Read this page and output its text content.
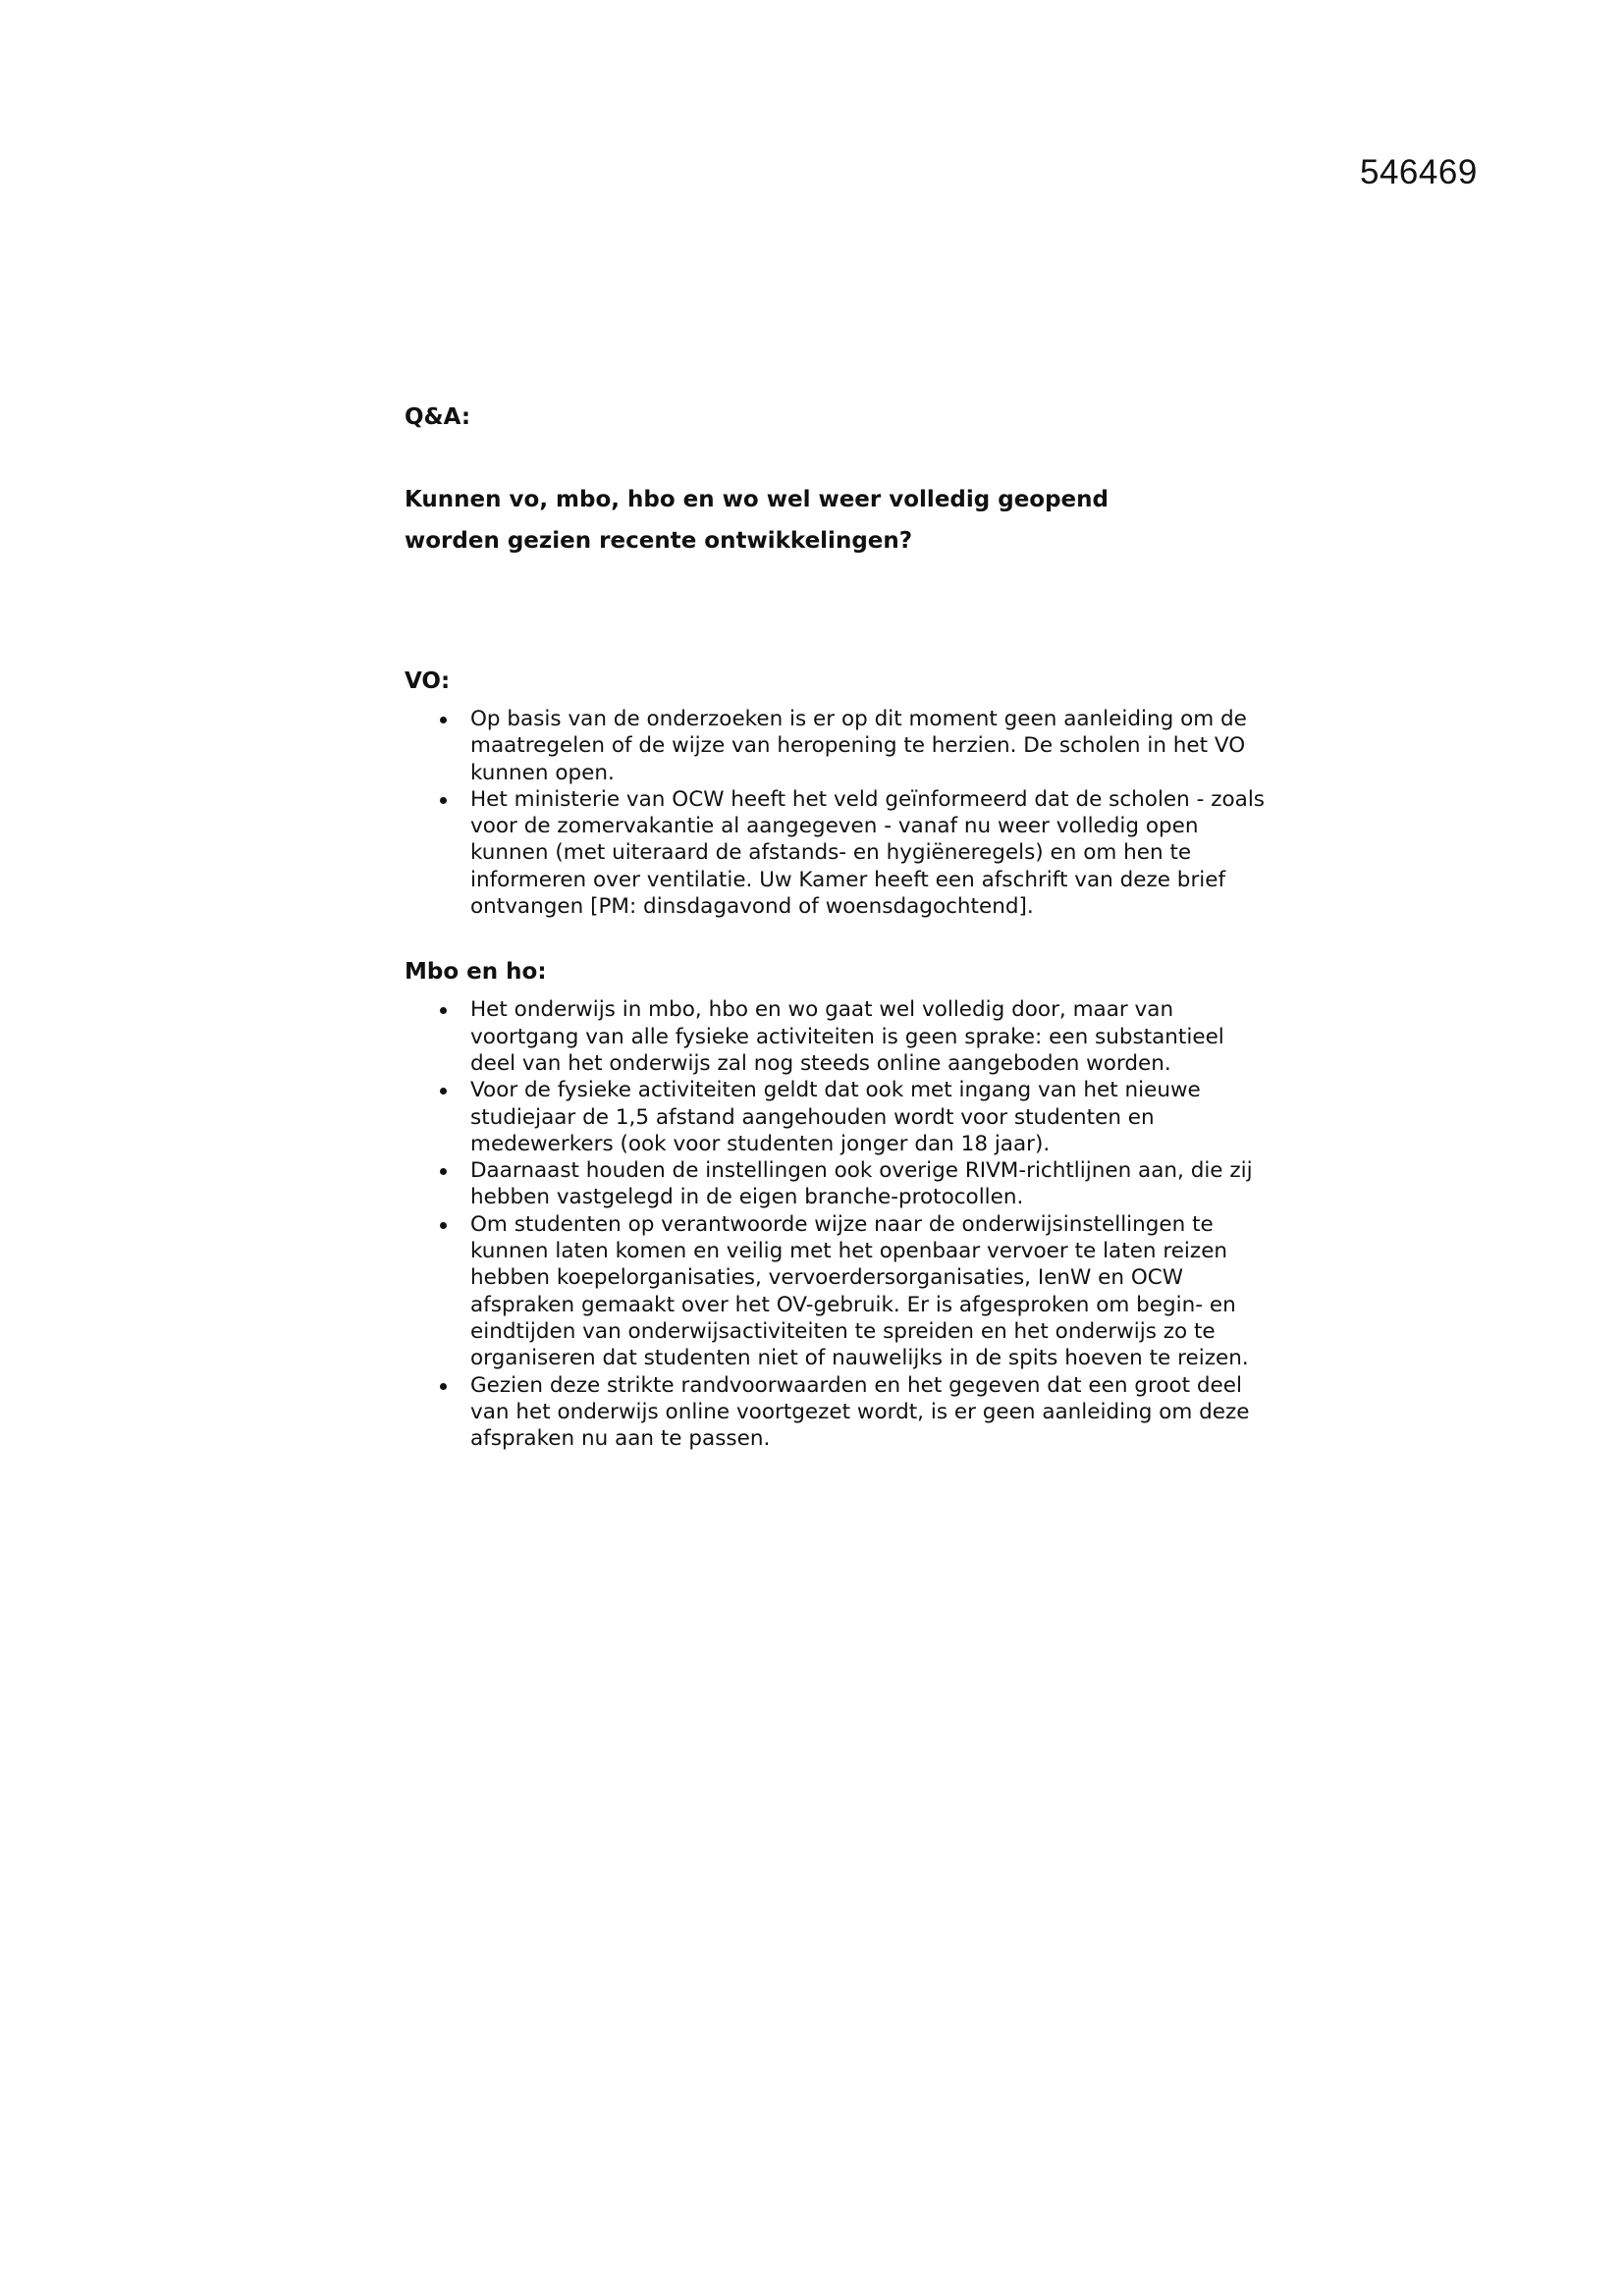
546469

Q&A:

Kunnen vo, mbo, hbo en wo wel weer volledig geopend worden gezien recente ontwikkelingen?

VO:

Op basis van de onderzoeken is er op dit moment geen aanleiding om de maatregelen of de wijze van heropening te herzien. De scholen in het VO kunnen open.
Het ministerie van OCW heeft het veld geïnformeerd dat de scholen - zoals voor de zomervakantie al aangegeven - vanaf nu weer volledig open kunnen (met uiteraard de afstands- en hygiëneregels) en om hen te informeren over ventilatie. Uw Kamer heeft een afschrift van deze brief ontvangen [PM: dinsdagavond of woensdagochtend].

Mbo en ho:

Het onderwijs in mbo, hbo en wo gaat wel volledig door, maar van voortgang van alle fysieke activiteiten is geen sprake: een substantieel deel van het onderwijs zal nog steeds online aangeboden worden.
Voor de fysieke activiteiten geldt dat ook met ingang van het nieuwe studiejaar de 1,5 afstand aangehouden wordt voor studenten en medewerkers (ook voor studenten jonger dan 18 jaar).
Daarnaast houden de instellingen ook overige RIVM-richtlijnen aan, die zij hebben vastgelegd in de eigen branche-protocollen.
Om studenten op verantwoorde wijze naar de onderwijsinstellingen te kunnen laten komen en veilig met het openbaar vervoer te laten reizen hebben koepelorganisaties, vervoerdersorganisaties, IenW en OCW afspraken gemaakt over het OV-gebruik. Er is afgesproken om begin- en eindtijden van onderwijsactiviteiten te spreiden en het onderwijs zo te organiseren dat studenten niet of nauwelijks in de spits hoeven te reizen.
Gezien deze strikte randvoorwaarden en het gegeven dat een groot deel van het onderwijs online voortgezet wordt, is er geen aanleiding om deze afspraken nu aan te passen.
